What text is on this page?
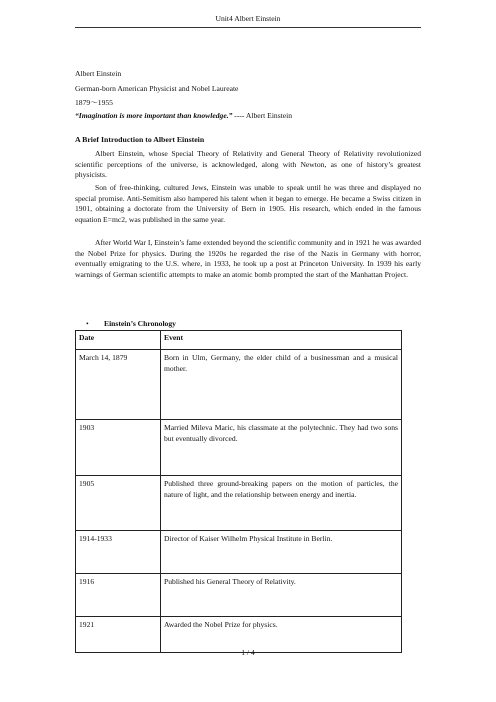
Unit4 Albert Einstein
Albert Einstein
German-born American Physicist and Nobel Laureate
1879～1955
“Imagination is more important than knowledge.” ---- Albert Einstein
A Brief Introduction to Albert Einstein
Albert Einstein, whose Special Theory of Relativity and General Theory of Relativity revolutionized scientific perceptions of the universe, is acknowledged, along with Newton, as one of history’s greatest physicists.
Son of free-thinking, cultured Jews, Einstein was unable to speak until he was three and displayed no special promise. Anti-Semitism also hampered his talent when it began to emerge. He became a Swiss citizen in 1901, obtaining a doctorate from the University of Bern in 1905. His research, which ended in the famous equation E=mc2, was published in the same year.
After World War I, Einstein’s fame extended beyond the scientific community and in 1921 he was awarded the Nobel Prize for physics. During the 1920s he regarded the rise of the Nazis in Germany with horror, eventually emigrating to the U.S. where, in 1933, he took up a post at Princeton University. In 1939 his early warnings of German scientific attempts to make an atomic bomb prompted the start of the Manhattan Project.
• Einstein’s Chronology
Date	Event
March 14, 1879	Born in Ulm, Germany, the elder child of a businessman and a musical mother.
1903	Married Mileva Maric, his classmate at the polytechnic. They had two sons but eventually divorced.
1905	Published three ground-breaking papers on the motion of particles, the nature of light, and the relationship between energy and inertia.
1914-1933	Director of Kaiser Wilhelm Physical Institute in Berlin.
1916	Published his General Theory of Relativity.
1921	Awarded the Nobel Prize for physics.
1 / 4
